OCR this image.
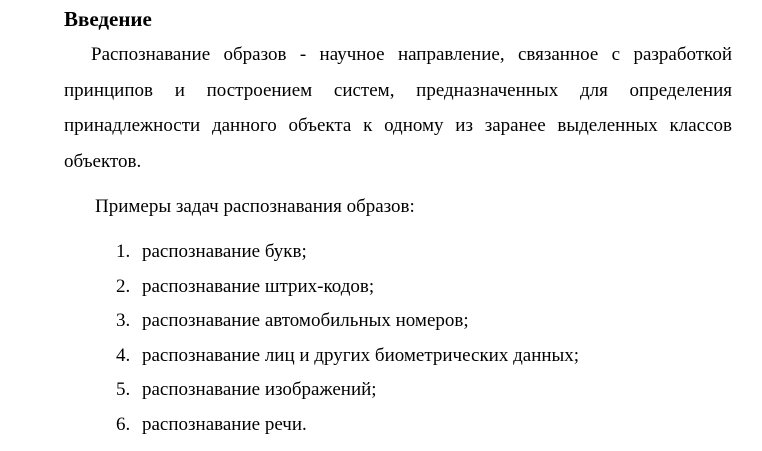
Введение

Распознавание образов - научное направление, связанное с разработкой принципов и построением систем, предназначенных для определения принадлежности данного объекта к одному из заранее выделенных классов объектов.

Примеры задач распознавания образов:

1. распознавание букв;
2. распознавание штрих-кодов;
3. распознавание автомобильных номеров;
4. распознавание лиц и других биометрических данных;
5. распознавание изображений;
6. распознавание речи.
